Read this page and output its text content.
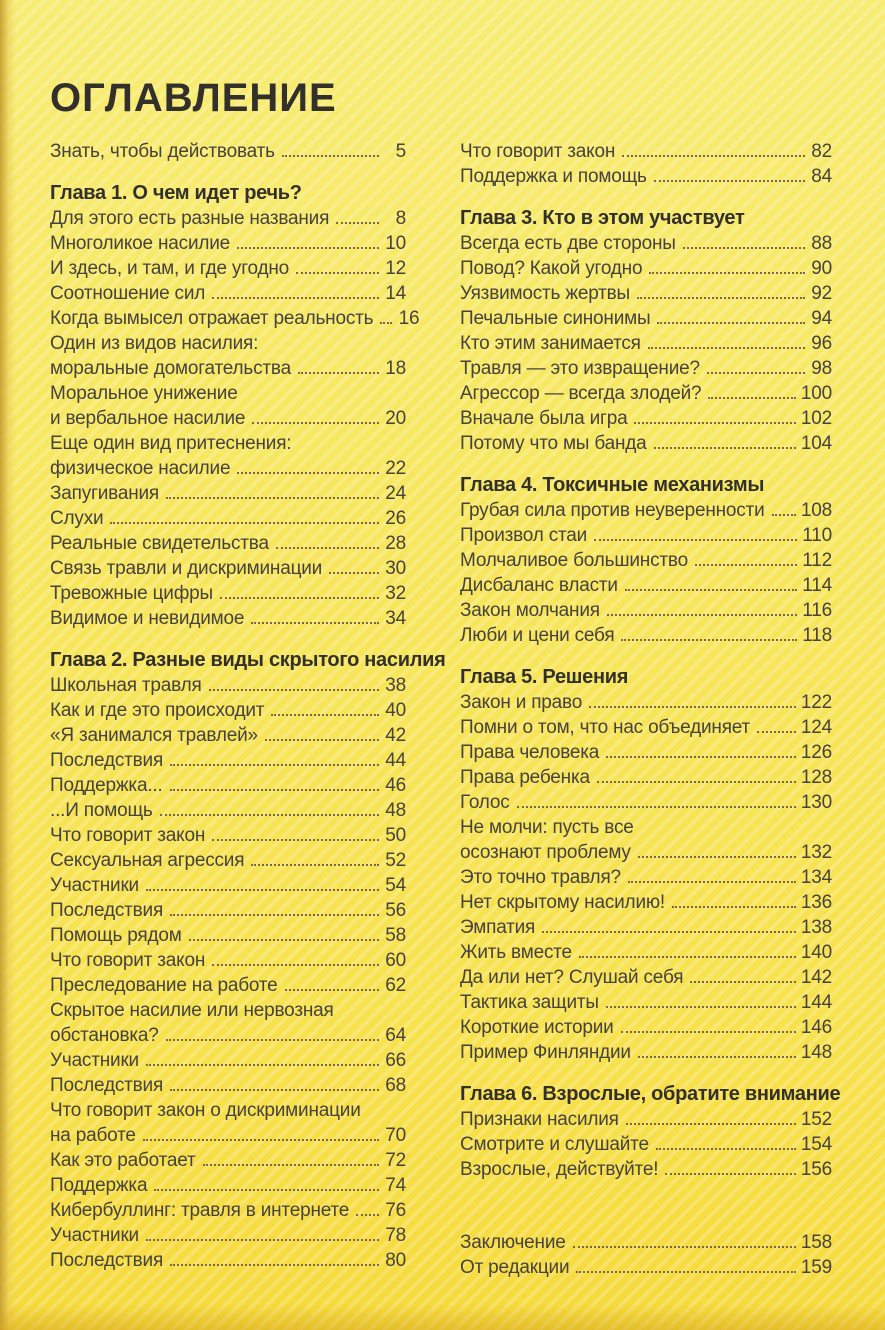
ОГЛАВЛЕНИЕ
Знать, чтобы действовать	5
Глава 1. О чем идет речь?
Для этого есть разные названия	8
Многоликое насилие	10
И здесь, и там, и где угодно	12
Соотношение сил	14
Когда вымысел отражает реальность 16
Один из видов насилия:
моральные домогательства	18
Моральное унижение
и вербальное насилие	20
Еще один вид притеснения:
физическое насилие	22
Запугивания	24
Слухи	26
Реальные свидетельства	28
Связь травли и дискриминации	30
Тревожные цифры	32
Видимое и невидимое	34
Глава 2. Разные виды скрытого насилия
Школьная травля	38
Как и где это происходит	40
«Я занимался травлей»	42
Последствия	44
Поддержка...	46
...И помощь	48
Что говорит закон	50
Сексуальная агрессия	52
Участники	54
Последствия	56
Помощь рядом	58
Что говорит закон	60
Преследование на работе	62
Скрытое насилие или нервозная
обстановка?	64
Участники	66
Последствия	68
Что говорит закон о дискриминации
на работе	70
Как это работает	72
Поддержка	74
Кибербуллинг: травля в интернете 76
Участники	78
Последствия	80
Что говорит закон	82
Поддержка и помощь	84
Глава 3. Кто в этом участвует
Всегда есть две стороны	88
Повод? Какой угодно	90
Уязвимость жертвы	92
Печальные синонимы	94
Кто этим занимается	96
Травля — это извращение?	98
Агрессор — всегда злодей?	100
Вначале была игра	102
Потому что мы банда	104
Глава 4. Токсичные механизмы
Грубая сила против неуверенности 108
Произвол стаи	110
Молчаливое большинство	112
Дисбаланс власти	114
Закон молчания	116
Люби и цени себя	118
Глава 5. Решения
Закон и право	122
Помни о том, что нас объединяет	124
Права человека	126
Права ребенка	128
Голос	130
Не молчи: пусть все
осознают проблему	132
Это точно травля?	134
Нет скрытому насилию!	136
Эмпатия	138
Жить вместе	140
Да или нет? Слушай себя	142
Тактика защиты	144
Короткие истории	146
Пример Финляндии	148
Глава 6. Взрослые, обратите внимание
Признаки насилия	152
Смотрите и слушайте	154
Взрослые, действуйте!	156
Заключение	158
От редакции	159
